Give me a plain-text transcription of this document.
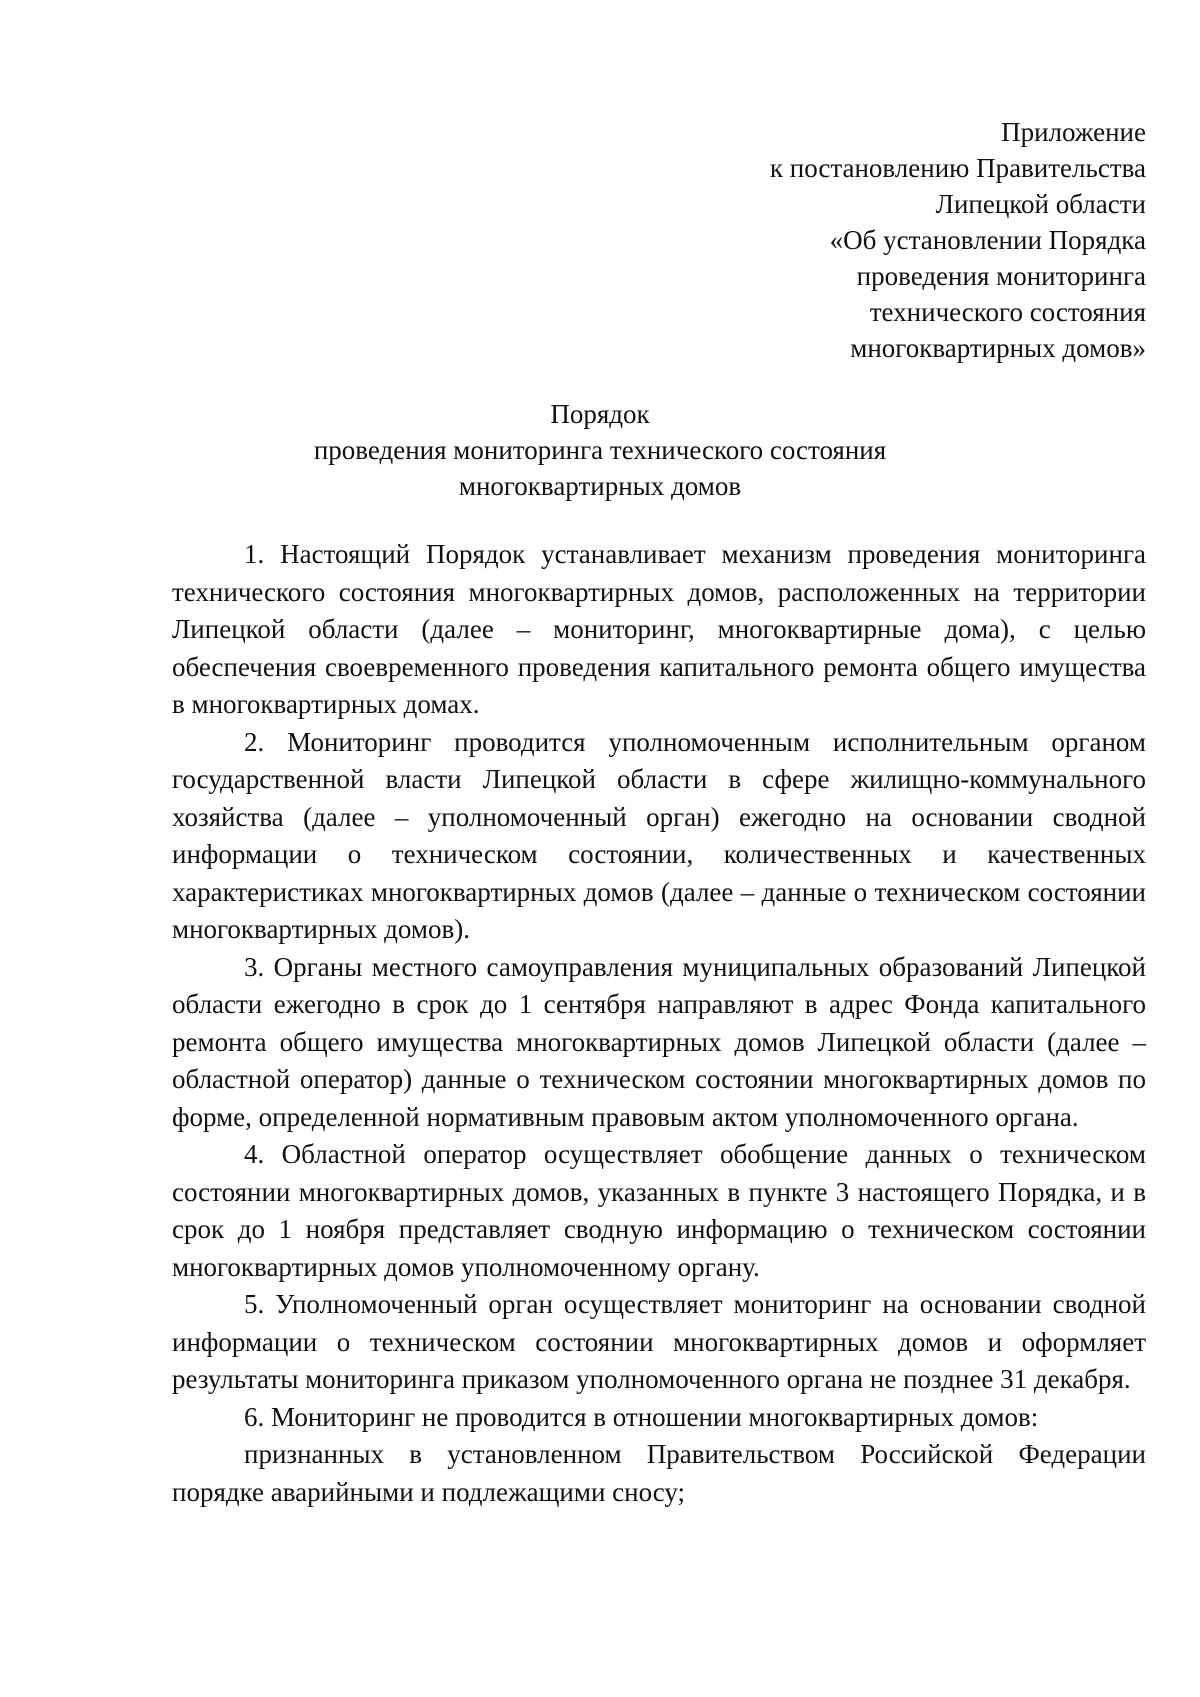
Приложение
к постановлению Правительства
Липецкой области
«Об установлении Порядка
проведения мониторинга
технического состояния
многоквартирных домов»
Порядок
проведения мониторинга технического состояния
многоквартирных домов

1. Настоящий Порядок устанавливает механизм проведения мониторинга технического состояния многоквартирных домов, расположенных на территории Липецкой области (далее – мониторинг, многоквартирные дома), с целью обеспечения своевременного проведения капитального ремонта общего имущества в многоквартирных домах.

2. Мониторинг проводится уполномоченным исполнительным органом государственной власти Липецкой области в сфере жилищно-коммунального хозяйства (далее – уполномоченный орган) ежегодно на основании сводной информации о техническом состоянии, количественных и качественных характеристиках многоквартирных домов (далее – данные о техническом состоянии многоквартирных домов).

3. Органы местного самоуправления муниципальных образований Липецкой области ежегодно в срок до 1 сентября направляют в адрес Фонда капитального ремонта общего имущества многоквартирных домов Липецкой области (далее – областной оператор) данные о техническом состоянии многоквартирных домов по форме, определенной нормативным правовым актом уполномоченного органа.

4. Областной оператор осуществляет обобщение данных о техническом состоянии многоквартирных домов, указанных в пункте 3 настоящего Порядка, и в срок до 1 ноября представляет сводную информацию о техническом состоянии многоквартирных домов уполномоченному органу.

5. Уполномоченный орган осуществляет мониторинг на основании сводной информации о техническом состоянии многоквартирных домов и оформляет результаты мониторинга приказом уполномоченного органа не позднее 31 декабря.

6. Мониторинг не проводится в отношении многоквартирных домов:

признанных в установленном Правительством Российской Федерации порядке аварийными и подлежащими сносу;
